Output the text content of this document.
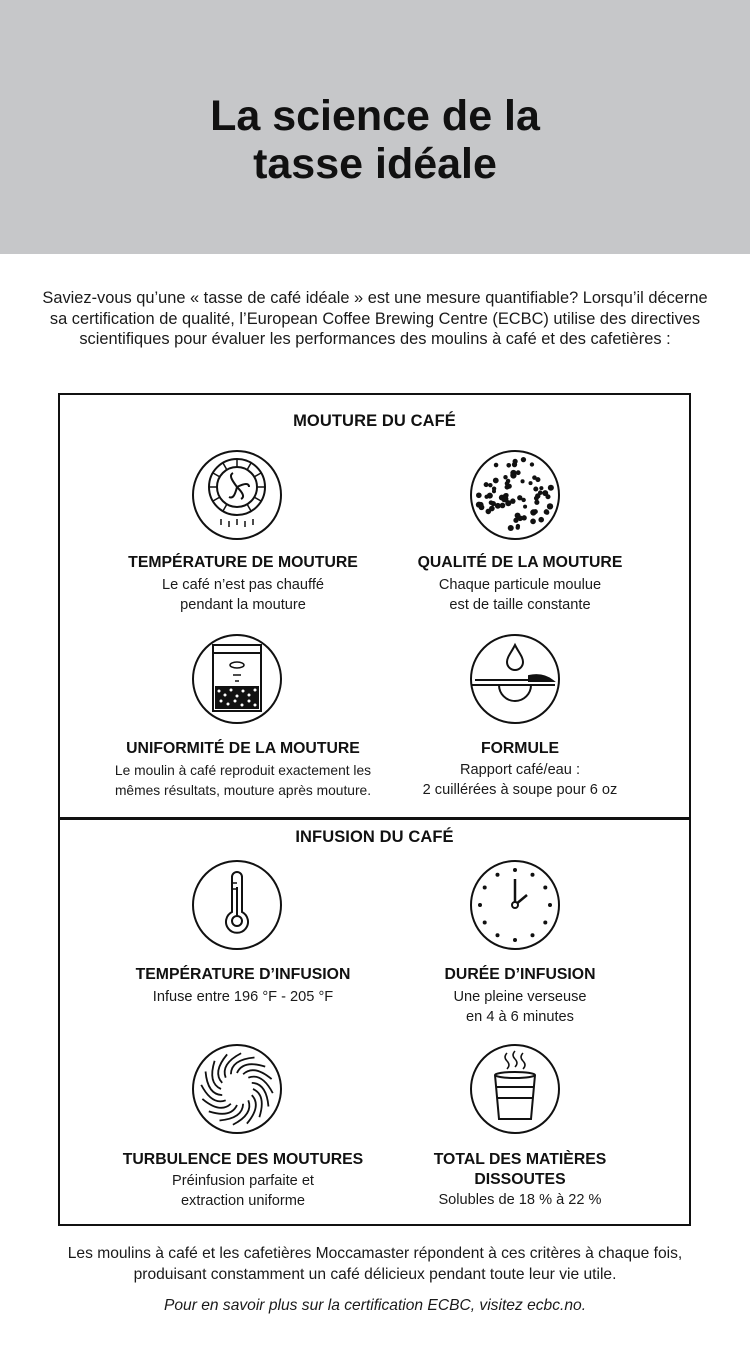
La science de la
tasse idéale

Saviez-vous qu’une « tasse de café idéale » est une mesure quantifiable? Lorsqu’il décerne sa certification de qualité, l’European Coffee Brewing Centre (ECBC) utilise des directives scientifiques pour évaluer les performances des moulins à café et des cafetières :

MOUTURE DU CAFÉ
TEMPÉRATURE DE MOUTURE
Le café n’est pas chauffé
pendant la mouture
QUALITÉ DE LA MOUTURE
Chaque particule moulue
est de taille constante
UNIFORMITÉ DE LA MOUTURE
Le moulin à café reproduit exactement les
mêmes résultats, mouture après mouture.
FORMULE
Rapport café/eau :
2 cuillérées à soupe pour 6 oz
INFUSION DU CAFÉ
TEMPÉRATURE D’INFUSION
Infuse entre 196 °F - 205 °F
DURÉE D’INFUSION
Une pleine verseuse
en 4 à 6 minutes
TURBULENCE DES MOUTURES
Préinfusion parfaite et
extraction uniforme
TOTAL DES MATIÈRES
DISSOUTES
Solubles de 18 % à 22 %

Les moulins à café et les cafetières Moccamaster répondent à ces critères à chaque fois, produisant constamment un café délicieux pendant toute leur vie utile.

Pour en savoir plus sur la certification ECBC, visitez ecbc.no.
